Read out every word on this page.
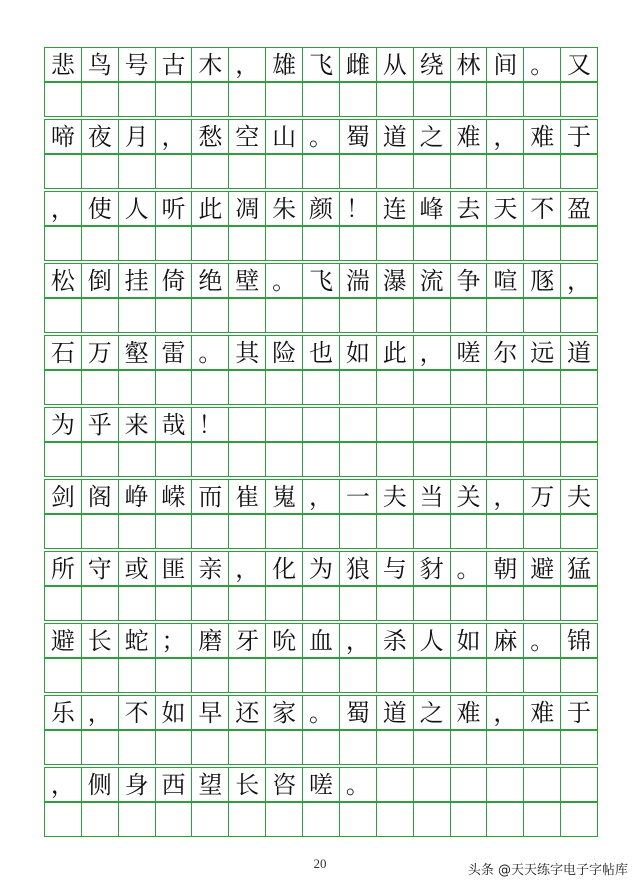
悲 鸟 号 古 木 ， 雄 飞 雌 从 绕 林 间 。 又
啼 夜 月 ， 愁 空 山 。 蜀 道 之 难 ， 难 于
， 使 人 听 此 凋 朱 颜 ！ 连 峰 去 天 不 盈
松 倒 挂 倚 绝 壁 。 飞 湍 瀑 流 争 喧 豗 ，
石 万 壑 雷 。 其 险 也 如 此 ， 嗟 尔 远 道
为 乎 来 哉 ！
剑 阁 峥 嵘 而 崔 嵬 ， 一 夫 当 关 ， 万 夫
所 守 或 匪 亲 ， 化 为 狼 与 豺 。 朝 避 猛
避 长 蛇 ； 磨 牙 吮 血 ， 杀 人 如 麻 。 锦
乐 ， 不 如 早 还 家 。 蜀 道 之 难 ， 难 于
， 侧 身 西 望 长 咨 嗟 。
20	头条 @天天练字电子字帖库
